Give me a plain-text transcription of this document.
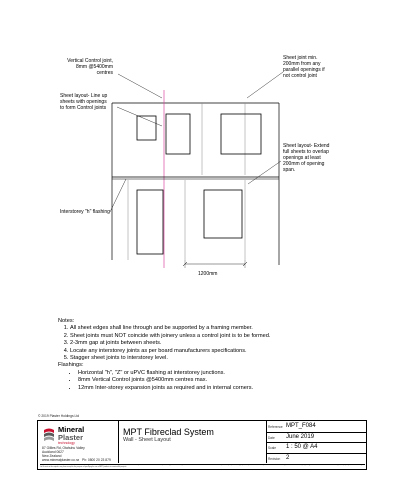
Vertical Control joint,
8mm @5400mm
centres
Sheet joint min.
200mm from any
parallel openings if
not control joint
Sheet layout- Line up
sheets with openings
to form Control joints
Sheet layout- Extend
full sheets to overlap
openings at least
200mm of opening
span.
Interstorey "h" flashing
1200mm
Notes:
1. All sheet edges shall line through and be supported by a framing member.
2. Sheet joints must NOT coincide with joinery unless a control joint is to be formed.
3. 2-3mm gap at joints between sheets.
4. Locate any interstorey joints as per board manufacturers specifications.
5. Stagger sheet joints to interstorey level.
Flashings:
• Horizontal "h", "Z" or uPVC flashing at interstorey junctions.
• 8mm Vertical Control joints @5400mm centres max.
• 12mm Inter-storey expansion joints as required and in internal corners.
© 2019 Plaster Holdings Ltd
Mineral
Plaster
technology
87 Gillies Rd, Otahuhu Valley
Auckland 0627
New Zealand
www.mineralplaster.co.nz Ph: 0800 20 23 879
MPT Fibreclad System
Wall - Sheet Layout
Reference MPT_F084
Date June 2019
Scale 1 : 50 @ A4
Revision 2
TERMS OF USE Disclaimer: The information in detailed below as a guide for use of MPT products. Before using you should ensure that the product is suitable for use in the specified application. Nothing in this information constitutes a statement of fitness for particular purpose and appropriate expert advice is to always be obtained. Plaster Holdings Ltd makes no warranty regarding the use of this information. This drawing is the property of Plaster Holdings Ltd. It must not be copied in any form except for the purpose of specifying the use of MPT products in construction projects.
